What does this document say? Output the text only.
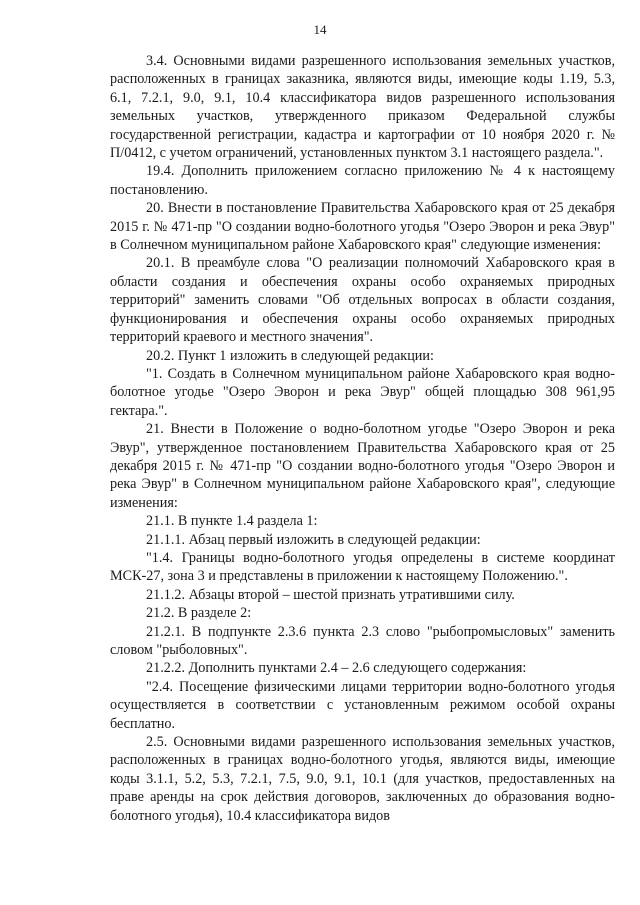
14

3.4. Основными видами разрешенного использования земельных участков, расположенных в границах заказника, являются виды, имеющие коды 1.19, 5.3, 6.1, 7.2.1, 9.0, 9.1, 10.4 классификатора видов разрешенного использования земельных участков, утвержденного приказом Федеральной службы государственной регистрации, кадастра и картографии от 10 ноября 2020 г. № П/0412, с учетом ограничений, установленных пунктом 3.1 настоящего раздела.".

19.4. Дополнить приложением согласно приложению № 4 к настоящему постановлению.

20. Внести в постановление Правительства Хабаровского края от 25 декабря 2015 г. № 471-пр "О создании водно-болотного угодья "Озеро Эворон и река Эвур" в Солнечном муниципальном районе Хабаровского края" следующие изменения:

20.1. В преамбуле слова "О реализации полномочий Хабаровского края в области создания и обеспечения охраны особо охраняемых природных территорий" заменить словами "Об отдельных вопросах в области создания, функционирования и обеспечения охраны особо охраняемых природных территорий краевого и местного значения".

20.2. Пункт 1 изложить в следующей редакции:

"1. Создать в Солнечном муниципальном районе Хабаровского края водно-болотное угодье "Озеро Эворон и река Эвур" общей площадью 308 961,95 гектара.".

21. Внести в Положение о водно-болотном угодье "Озеро Эворон и река Эвур", утвержденное постановлением Правительства Хабаровского края от 25 декабря 2015 г. № 471-пр "О создании водно-болотного угодья "Озеро Эворон и река Эвур" в Солнечном муниципальном районе Хабаровского края", следующие изменения:

21.1. В пункте 1.4 раздела 1:

21.1.1. Абзац первый изложить в следующей редакции:

"1.4. Границы водно-болотного угодья определены в системе координат МСК-27, зона 3 и представлены в приложении к настоящему Положению.".

21.1.2. Абзацы второй – шестой признать утратившими силу.

21.2. В разделе 2:

21.2.1. В подпункте 2.3.6 пункта 2.3 слово "рыбопромысловых" заменить словом "рыболовных".

21.2.2. Дополнить пунктами 2.4 – 2.6 следующего содержания:

"2.4. Посещение физическими лицами территории водно-болотного угодья осуществляется в соответствии с установленным режимом особой охраны бесплатно.

2.5. Основными видами разрешенного использования земельных участков, расположенных в границах водно-болотного угодья, являются виды, имеющие коды 3.1.1, 5.2, 5.3, 7.2.1, 7.5, 9.0, 9.1, 10.1 (для участков, предоставленных на праве аренды на срок действия договоров, заключенных до образования водно-болотного угодья), 10.4 классификатора видов
